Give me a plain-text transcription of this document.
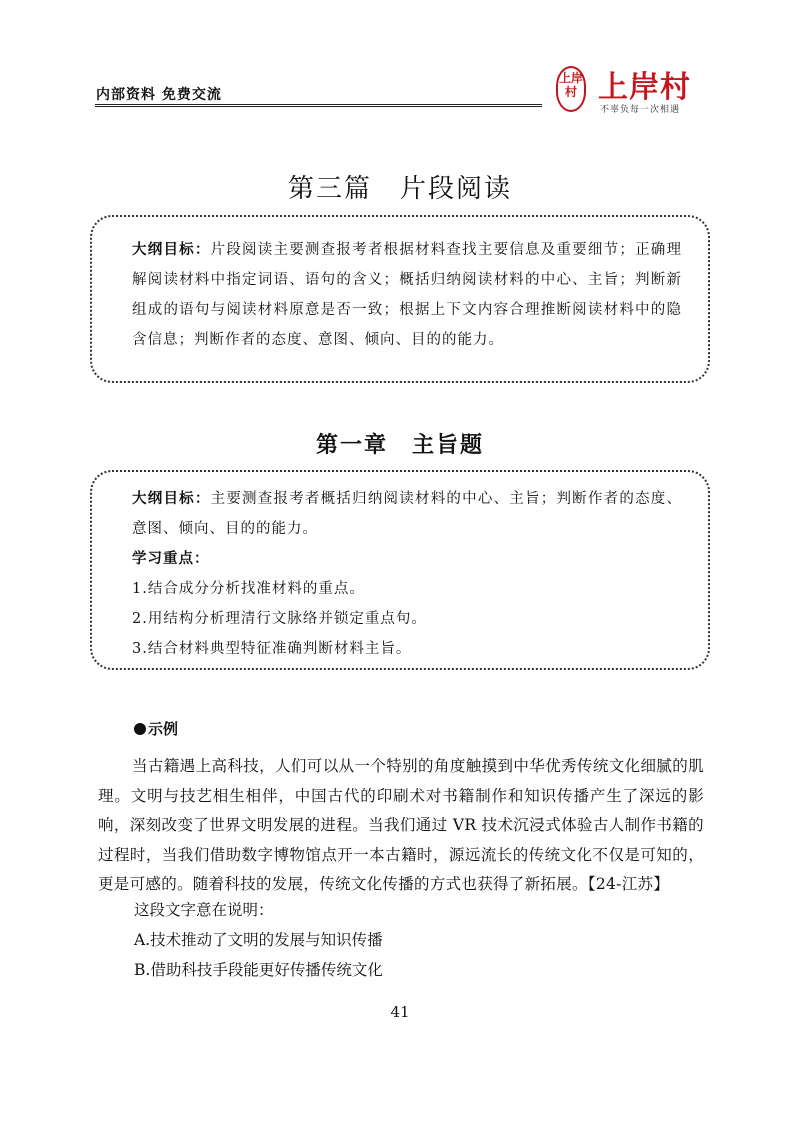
内部资料 免费交流
上岸村 上岸村
不辜负每一次相遇
第三篇　片段阅读

大纲目标：片段阅读主要测查报考者根据材料查找主要信息及重要细节；正确理解阅读材料中指定词语、语句的含义；概括归纳阅读材料的中心、主旨；判断新组成的语句与阅读材料原意是否一致；根据上下文内容合理推断阅读材料中的隐含信息；判断作者的态度、意图、倾向、目的的能力。

第一章　主旨题

大纲目标：主要测查报考者概括归纳阅读材料的中心、主旨；判断作者的态度、意图、倾向、目的的能力。

学习重点：

1.结合成分分析找准材料的重点。

2.用结构分析理清行文脉络并锁定重点句。

3.结合材料典型特征准确判断材料主旨。

示例

当古籍遇上高科技，人们可以从一个特别的角度触摸到中华优秀传统文化细腻的肌理。文明与技艺相生相伴，中国古代的印刷术对书籍制作和知识传播产生了深远的影响，深刻改变了世界文明发展的进程。当我们通过 VR 技术沉浸式体验古人制作书籍的过程时，当我们借助数字博物馆点开一本古籍时，源远流长的传统文化不仅是可知的，更是可感的。随着科技的发展，传统文化传播的方式也获得了新拓展。【24-江苏】

这段文字意在说明：
A.技术推动了文明的发展与知识传播
B.借助科技手段能更好传播传统文化
41
